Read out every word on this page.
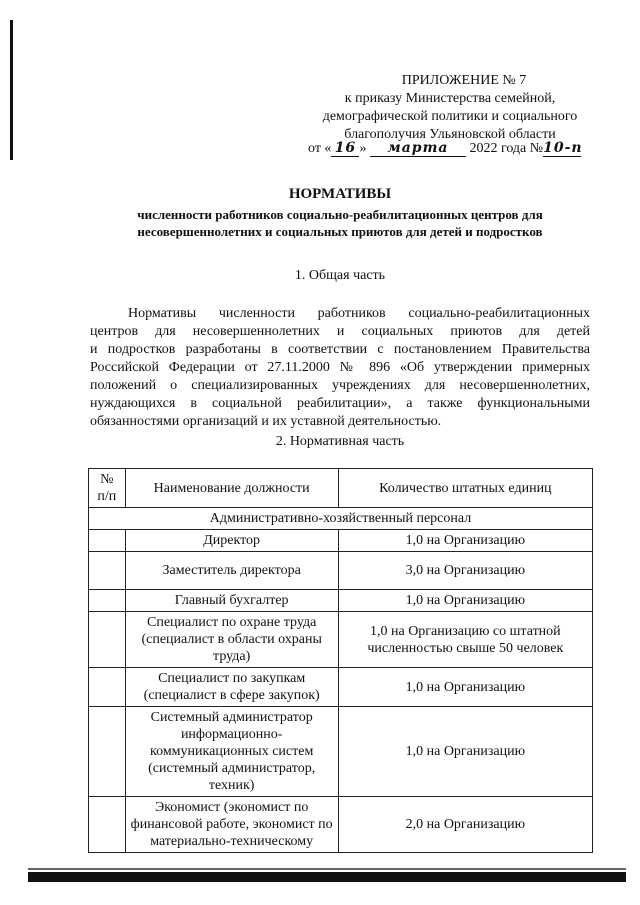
ПРИЛОЖЕНИЕ № 7
к приказу Министерства семейной,
демографической политики и социального
благополучия Ульяновской области
от « 16 » марта 2022 года №10-п
НОРМАТИВЫ
численности работников социально-реабилитационных центров для
несовершеннолетних и социальных приютов для детей и подростков
1. Общая часть
Нормативы численности работников социально-реабилитационных
центров для несовершеннолетних и социальных приютов для детей
и подростков разработаны в соответствии с постановлением Правительства
Российской Федерации от 27.11.2000 № 896 «Об утверждении примерных
положений о специализированных учреждениях для несовершеннолетних,
нуждающихся в социальной реабилитации», а также функциональными
обязанностями организаций и их уставной деятельностью.
2. Нормативная часть
№ п/п	Наименование должности	Количество штатных единиц
Административно-хозяйственный персонал		
	Директор	1,0 на Организацию
	Заместитель директора	3,0 на Организацию
	Главный бухгалтер	1,0 на Организацию
	Специалист по охране труда (специалист в области охраны труда)	1,0 на Организацию со штатной численностью свыше 50 человек
	Специалист по закупкам (специалист в сфере закупок)	1,0 на Организацию
	Системный администратор информационно-коммуникационных систем (системный администратор, техник)	1,0 на Организацию
	Экономист (экономист по финансовой работе, экономист по материально-техническому	2,0 на Организацию
